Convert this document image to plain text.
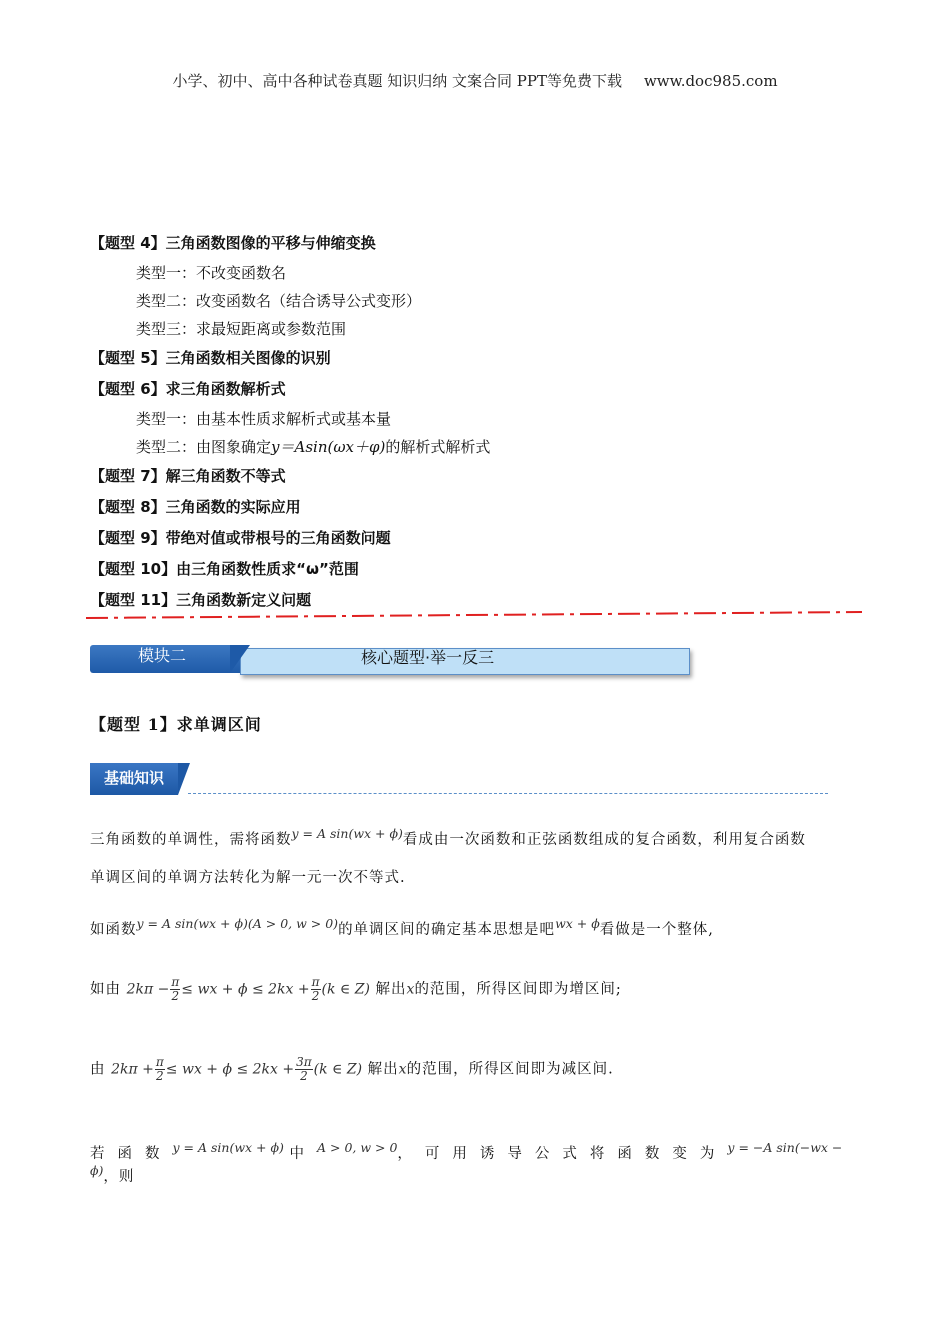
小学、初中、高中各种试卷真题 知识归纳 文案合同 PPT等免费下载 www.doc985.com
【题型 4】三角函数图像的平移与伸缩变换
类型一：不改变函数名
类型二：改变函数名（结合诱导公式变形）
类型三：求最短距离或参数范围
【题型 5】三角函数相关图像的识别
【题型 6】求三角函数解析式
类型一：由基本性质求解析式或基本量
类型二：由图象确定y＝Asin(ωx＋φ)的解析式解析式
【题型 7】解三角函数不等式
【题型 8】三角函数的实际应用
【题型 9】带绝对值或带根号的三角函数问题
【题型 10】由三角函数性质求“ω”范围
【题型 11】三角函数新定义问题
核心题型·举一反三
模块二
【题型 1】求单调区间
基础知识
三角函数的单调性，需将函数y = A sin(wx + ϕ)看成由一次函数和正弦函数组成的复合函数，利用复合函数
单调区间的单调方法转化为解一元一次不等式.
如函数y = A sin(wx + ϕ)(A > 0, w > 0)的单调区间的确定基本思想是吧wx + ϕ看做是一个整体,
如由 $2k\pi - \frac{\pi}{2}$ ≤ wx + $\phi \le 2kx + \frac{\pi}{2} (k$ ∈ Z) 解出x的范围，所得区间即为增区间;
由 $2k\pi + \frac{\pi}{2}$ ≤ wx + $\phi \le 2kx + \frac{3\pi}{2} (k$ ∈ Z) 解出x的范围，所得区间即为减区间.
若函数y = A sin(wx + ϕ) 中A > 0, w > 0，可用诱导公式将函数变为y = −A sin(−wx − ϕ)，则
